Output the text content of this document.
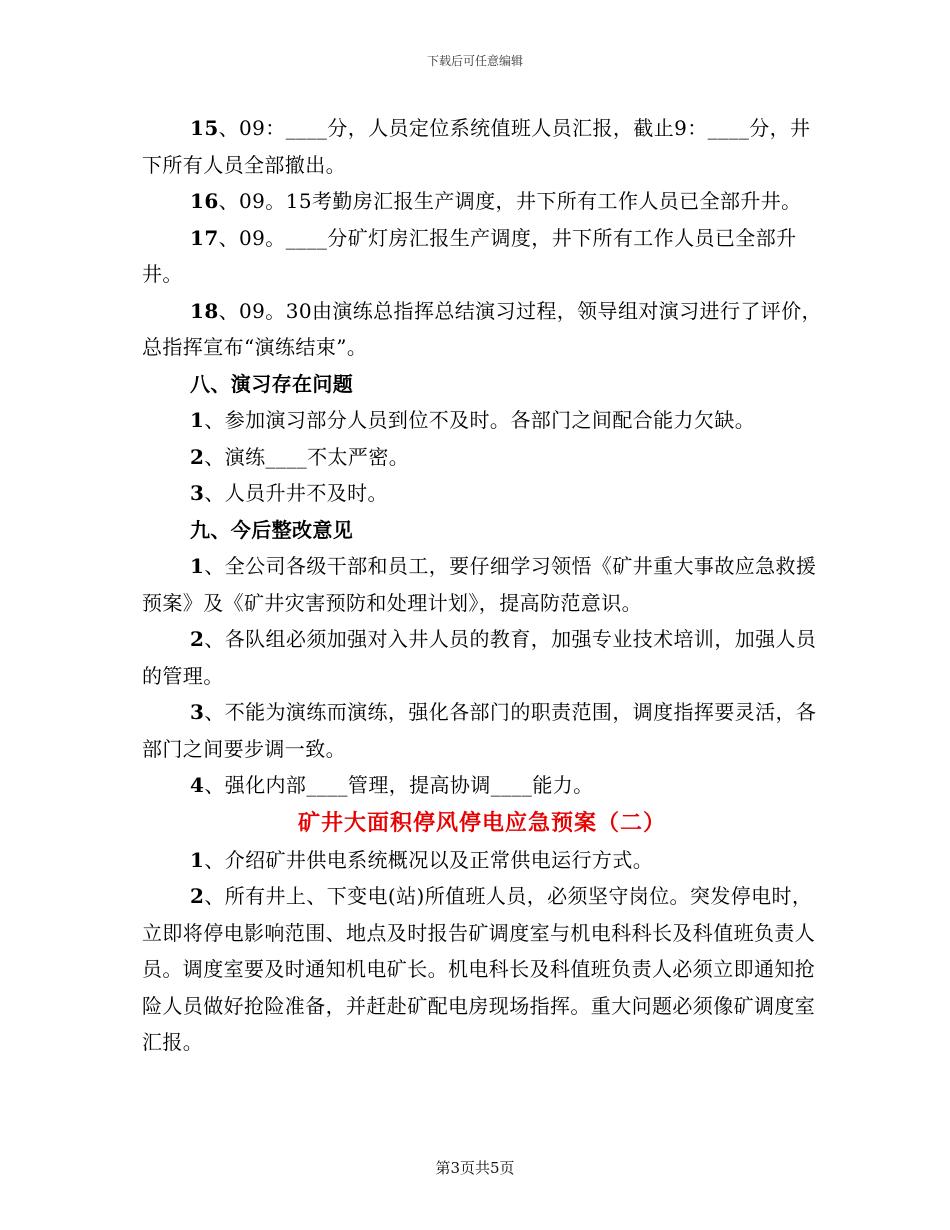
下载后可任意编辑

15、09：____分，人员定位系统值班人员汇报，截止9：____分，井下所有人员全部撤出。

16、09。15考勤房汇报生产调度，井下所有工作人员已全部升井。

17、09。____分矿灯房汇报生产调度，井下所有工作人员已全部升井。

18、09。30由演练总指挥总结演习过程，领导组对演习进行了评价，总指挥宣布“演练结束”。

八、演习存在问题

1、参加演习部分人员到位不及时。各部门之间配合能力欠缺。

2、演练____不太严密。

3、人员升井不及时。

九、今后整改意见

1、全公司各级干部和员工，要仔细学习领悟《矿井重大事故应急救援预案》及《矿井灾害预防和处理计划》，提高防范意识。

2、各队组必须加强对入井人员的教育，加强专业技术培训，加强人员的管理。

3、不能为演练而演练，强化各部门的职责范围，调度指挥要灵活，各部门之间要步调一致。

4、强化内部____管理，提高协调____能力。

矿井大面积停风停电应急预案（二）

1、介绍矿井供电系统概况以及正常供电运行方式。

2、所有井上、下变电(站)所值班人员，必须坚守岗位。突发停电时，立即将停电影响范围、地点及时报告矿调度室与机电科科长及科值班负责人员。调度室要及时通知机电矿长。机电科长及科值班负责人必须立即通知抢险人员做好抢险准备，并赶赴矿配电房现场指挥。重大问题必须像矿调度室汇报。

第3页共5页
